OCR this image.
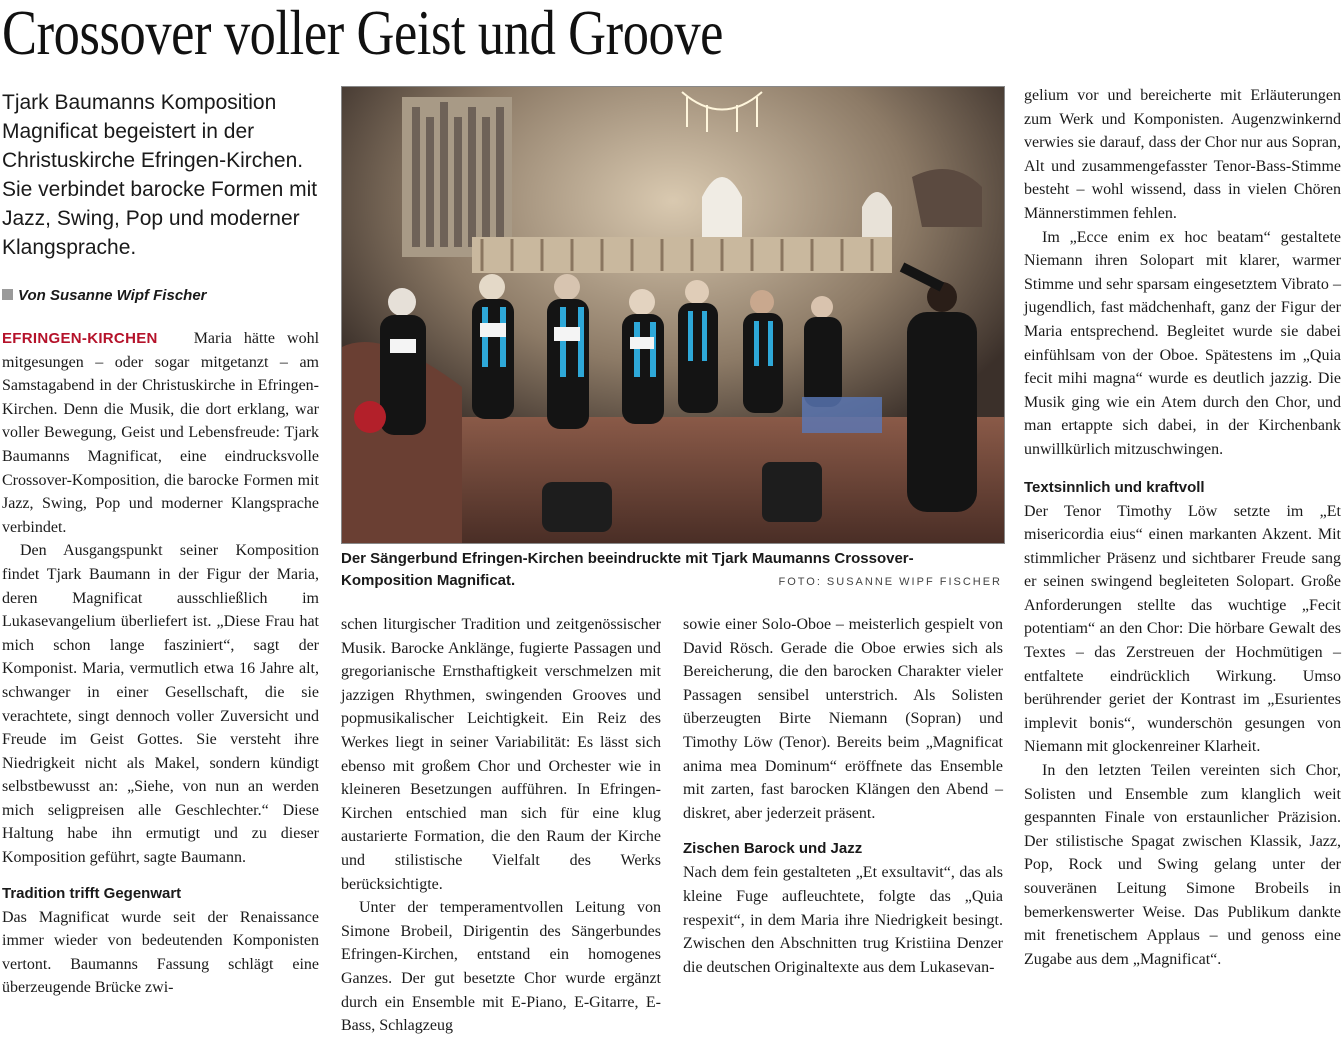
Crossover voller Geist und Groove

Tjark Baumanns Komposition Magnificat begeistert in der Christuskirche Efringen-Kirchen. Sie verbindet barocke Formen mit Jazz, Swing, Pop und moderner Klangsprache.

Von Susanne Wipf Fischer

EFRINGEN-KIRCHEN Maria hätte wohl mitgesungen – oder sogar mitgetanzt – am Samstagabend in der Christuskirche in Efringen-Kirchen. Denn die Musik, die dort erklang, war voller Bewegung, Geist und Lebensfreude: Tjark Baumanns Magnificat, eine eindrucksvolle Crossover-Komposition, die barocke Formen mit Jazz, Swing, Pop und moderner Klangsprache verbindet.

Den Ausgangspunkt seiner Komposition findet Tjark Baumann in der Figur der Maria, deren Magnificat ausschließlich im Lukasevangelium überliefert ist. „Diese Frau hat mich schon lange fasziniert“, sagt der Komponist. Maria, vermutlich etwa 16 Jahre alt, schwanger in einer Gesellschaft, die sie verachtete, singt dennoch voller Zuversicht und Freude im Geist Gottes. Sie versteht ihre Niedrigkeit nicht als Makel, sondern kündigt selbstbewusst an: „Siehe, von nun an werden mich seligpreisen alle Geschlechter.“ Diese Haltung habe ihn ermutigt und zu dieser Komposition geführt, sagte Baumann.

Tradition trifft Gegenwart

Das Magnificat wurde seit der Renaissance immer wieder von bedeutenden Komponisten vertont. Baumanns Fassung schlägt eine überzeugende Brücke zwi-

Der Sängerbund Efringen-Kirchen beeindruckte mit Tjark Maumanns Crossover-Komposition Magnificat.	FOTO: SUSANNE WIPF FISCHER

schen liturgischer Tradition und zeitgenössischer Musik. Barocke Anklänge, fugierte Passagen und gregorianische Ernsthaftigkeit verschmelzen mit jazzigen Rhythmen, swingenden Grooves und popmusikalischer Leichtigkeit. Ein Reiz des Werkes liegt in seiner Variabilität: Es lässt sich ebenso mit großem Chor und Orchester wie in kleineren Besetzungen aufführen. In Efringen-Kirchen entschied man sich für eine klug austarierte Formation, die den Raum der Kirche und stilistische Vielfalt des Werks berücksichtigte.

Unter der temperamentvollen Leitung von Simone Brobeil, Dirigentin des Sängerbundes Efringen-Kirchen, entstand ein homogenes Ganzes. Der gut besetzte Chor wurde ergänzt durch ein Ensemble mit E-Piano, E-Gitarre, E-Bass, Schlagzeug

sowie einer Solo-Oboe – meisterlich gespielt von David Rösch. Gerade die Oboe erwies sich als Bereicherung, die den barocken Charakter vieler Passagen sensibel unterstrich. Als Solisten überzeugten Birte Niemann (Sopran) und Timothy Löw (Tenor). Bereits beim „Magnificat anima mea Dominum“ eröffnete das Ensemble mit zarten, fast barocken Klängen den Abend – diskret, aber jederzeit präsent.

Zischen Barock und Jazz

Nach dem fein gestalteten „Et exsultavit“, das als kleine Fuge aufleuchtete, folgte das „Quia respexit“, in dem Maria ihre Niedrigkeit besingt. Zwischen den Abschnitten trug Kristiina Denzer die deutschen Originaltexte aus dem Lukasevan-

gelium vor und bereicherte mit Erläuterungen zum Werk und Komponisten. Augenzwinkernd verwies sie darauf, dass der Chor nur aus Sopran, Alt und zusammengefasster Tenor-Bass-Stimme besteht – wohl wissend, dass in vielen Chören Männerstimmen fehlen.

Im „Ecce enim ex hoc beatam“ gestaltete Niemann ihren Solopart mit klarer, warmer Stimme und sehr sparsam eingesetztem Vibrato – jugendlich, fast mädchenhaft, ganz der Figur der Maria entsprechend. Begleitet wurde sie dabei einfühlsam von der Oboe. Spätestens im „Quia fecit mihi magna“ wurde es deutlich jazzig. Die Musik ging wie ein Atem durch den Chor, und man ertappte sich dabei, in der Kirchenbank unwillkürlich mitzuschwingen.

Textsinnlich und kraftvoll

Der Tenor Timothy Löw setzte im „Et misericordia eius“ einen markanten Akzent. Mit stimmlicher Präsenz und sichtbarer Freude sang er seinen swingend begleiteten Solopart. Große Anforderungen stellte das wuchtige „Fecit potentiam“ an den Chor: Die hörbare Gewalt des Textes – das Zerstreuen der Hochmütigen – entfaltete eindrücklich Wirkung. Umso berührender geriet der Kontrast im „Esurientes implevit bonis“, wunderschön gesungen von Niemann mit glockenreiner Klarheit.

In den letzten Teilen vereinten sich Chor, Solisten und Ensemble zum klanglich weit gespannten Finale von erstaunlicher Präzision. Der stilistische Spagat zwischen Klassik, Jazz, Pop, Rock und Swing gelang unter der souveränen Leitung Simone Brobeils in bemerkenswerter Weise. Das Publikum dankte mit frenetischem Applaus – und genoss eine Zugabe aus dem „Magnificat“.
